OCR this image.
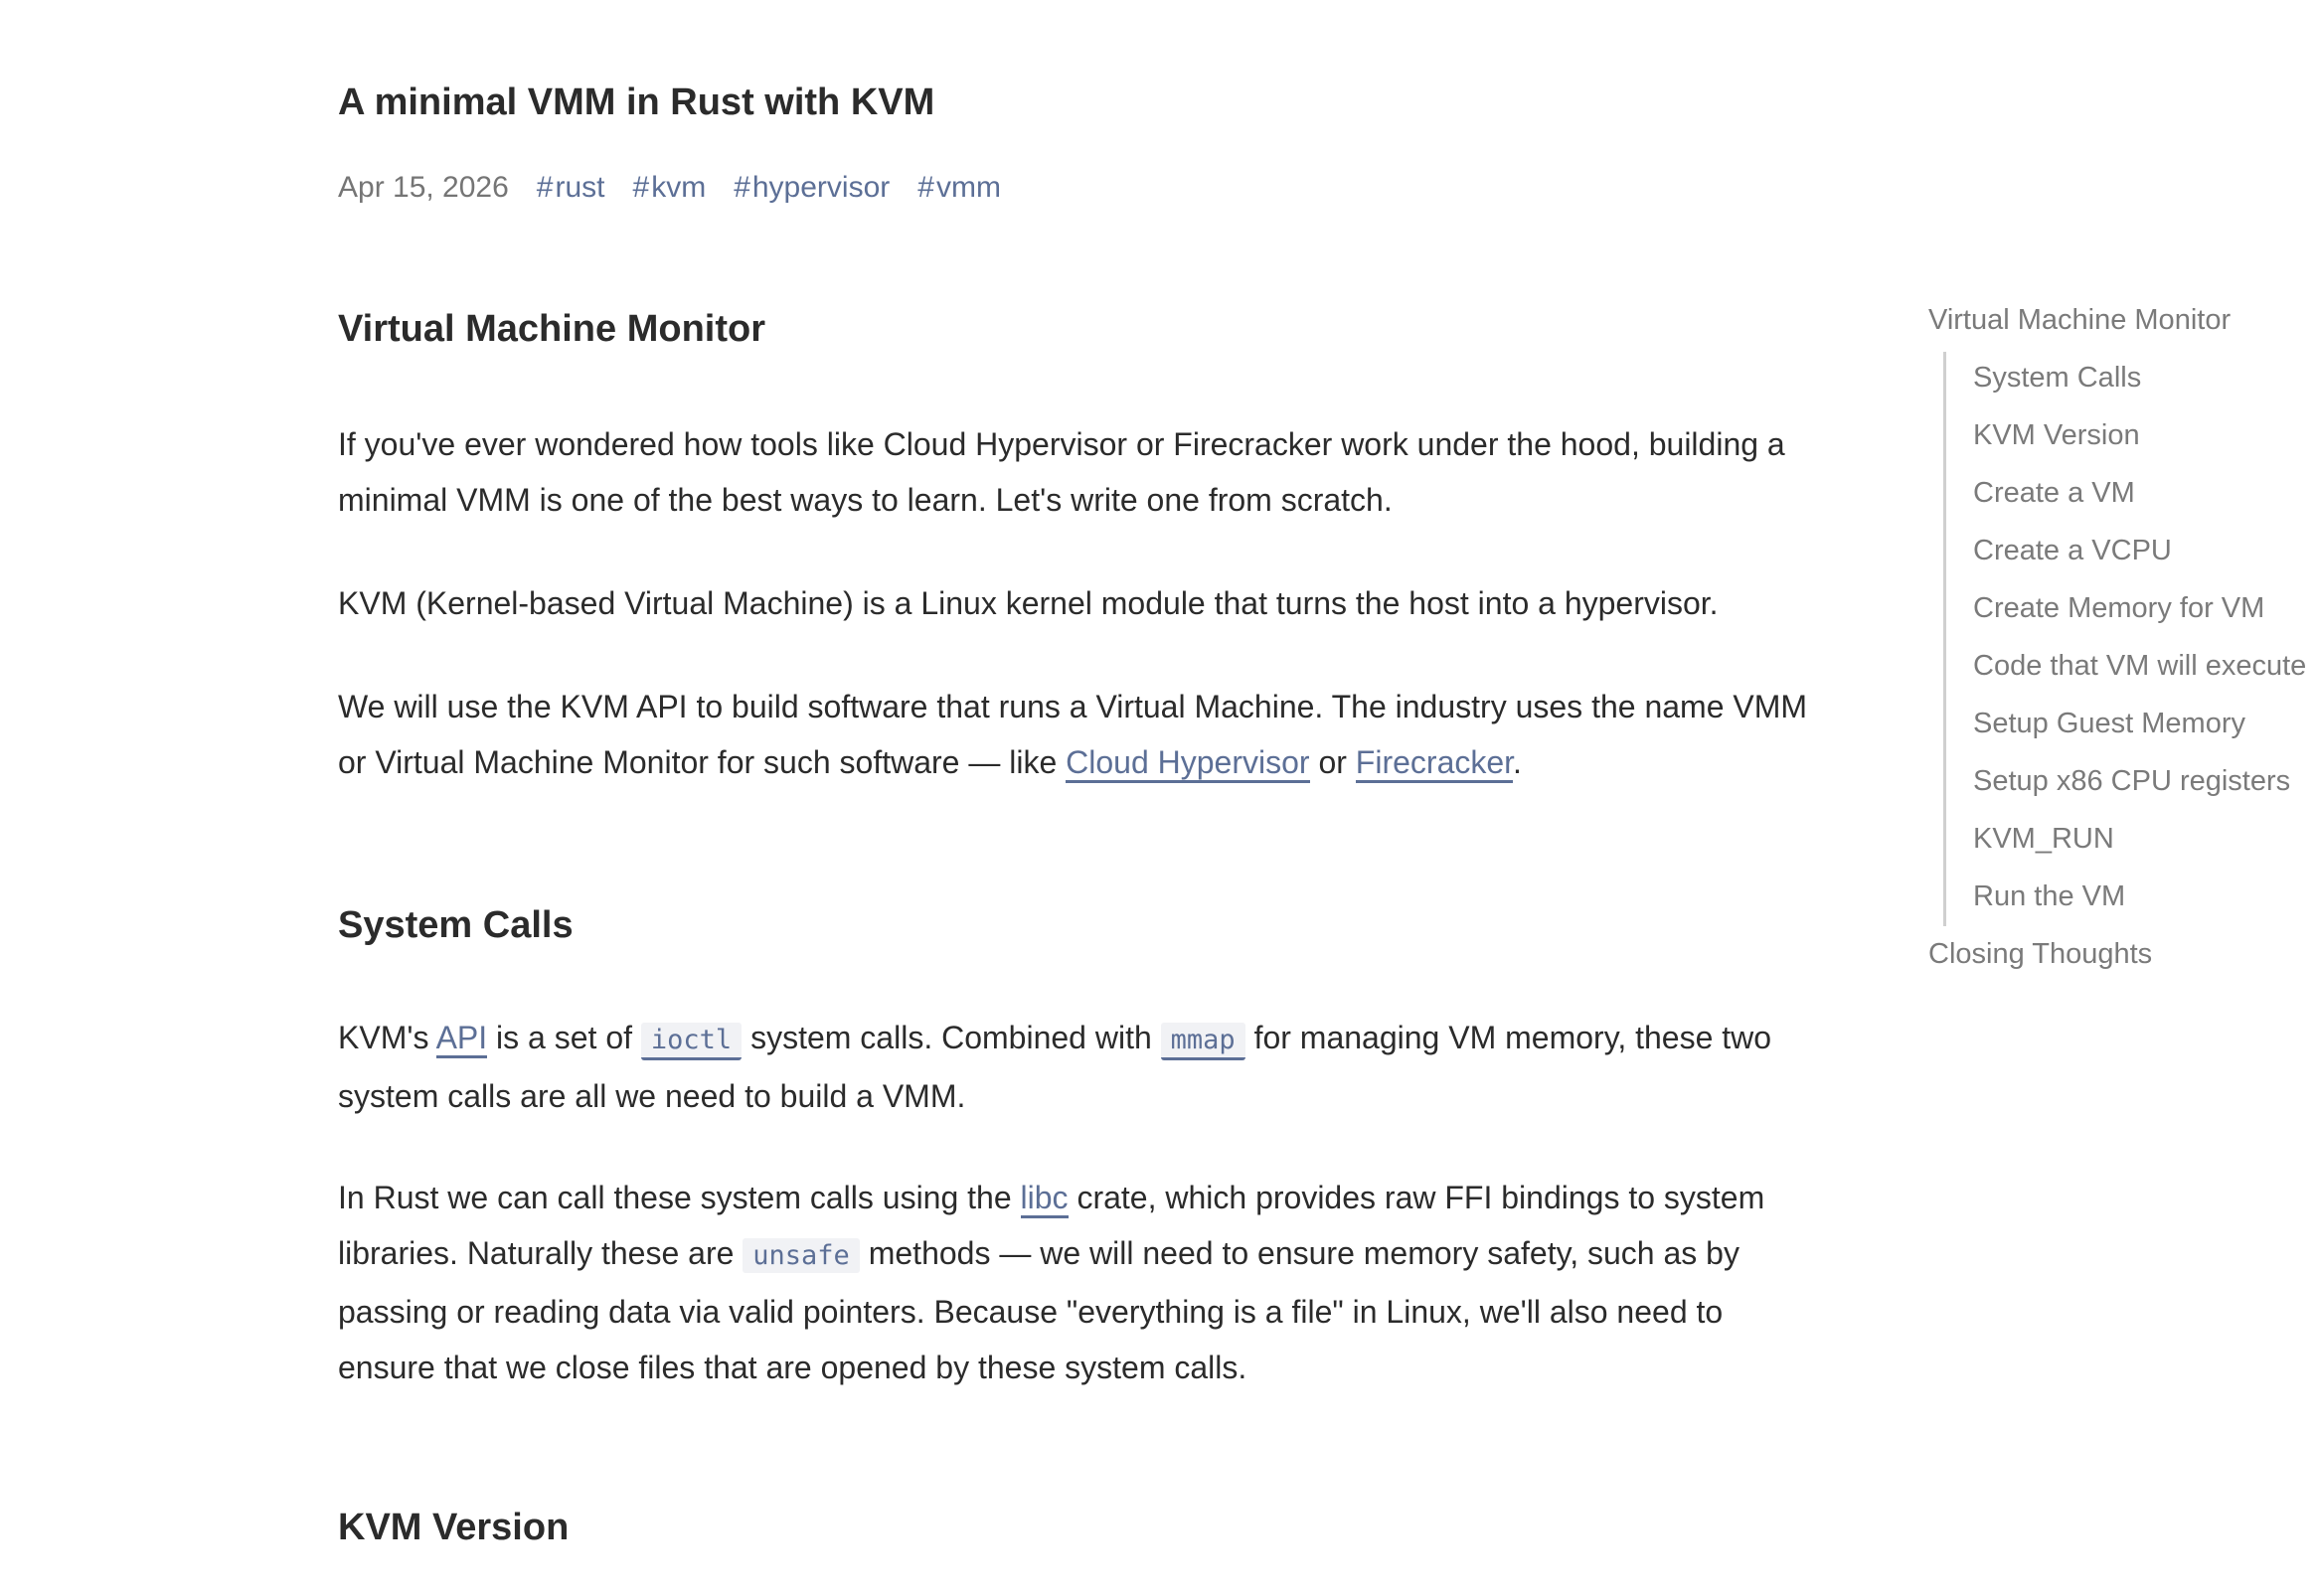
A minimal VMM in Rust with KVM
Apr 15, 2026 #rust #kvm #hypervisor #vmm
Virtual Machine Monitor

If you've ever wondered how tools like Cloud Hypervisor or Firecracker work under the hood, building a minimal VMM is one of the best ways to learn. Let's write one from scratch.

KVM (Kernel-based Virtual Machine) is a Linux kernel module that turns the host into a hypervisor.

We will use the KVM API to build software that runs a Virtual Machine. The industry uses the name VMM or Virtual Machine Monitor for such software — like Cloud Hypervisor or Firecracker.

System Calls

KVM's API is a set of ioctl system calls. Combined with mmap for managing VM memory, these two system calls are all we need to build a VMM.

In Rust we can call these system calls using the libc crate, which provides raw FFI bindings to system libraries. Naturally these are unsafe methods — we will need to ensure memory safety, such as by passing or reading data via valid pointers. Because "everything is a file" in Linux, we'll also need to ensure that we close files that are opened by these system calls.

KVM Version
Virtual Machine Monitor
System Calls
KVM Version
Create a VM
Create a VCPU
Create Memory for VM
Code that VM will execute
Setup Guest Memory
Setup x86 CPU registers
KVM_RUN
Run the VM
Closing Thoughts
